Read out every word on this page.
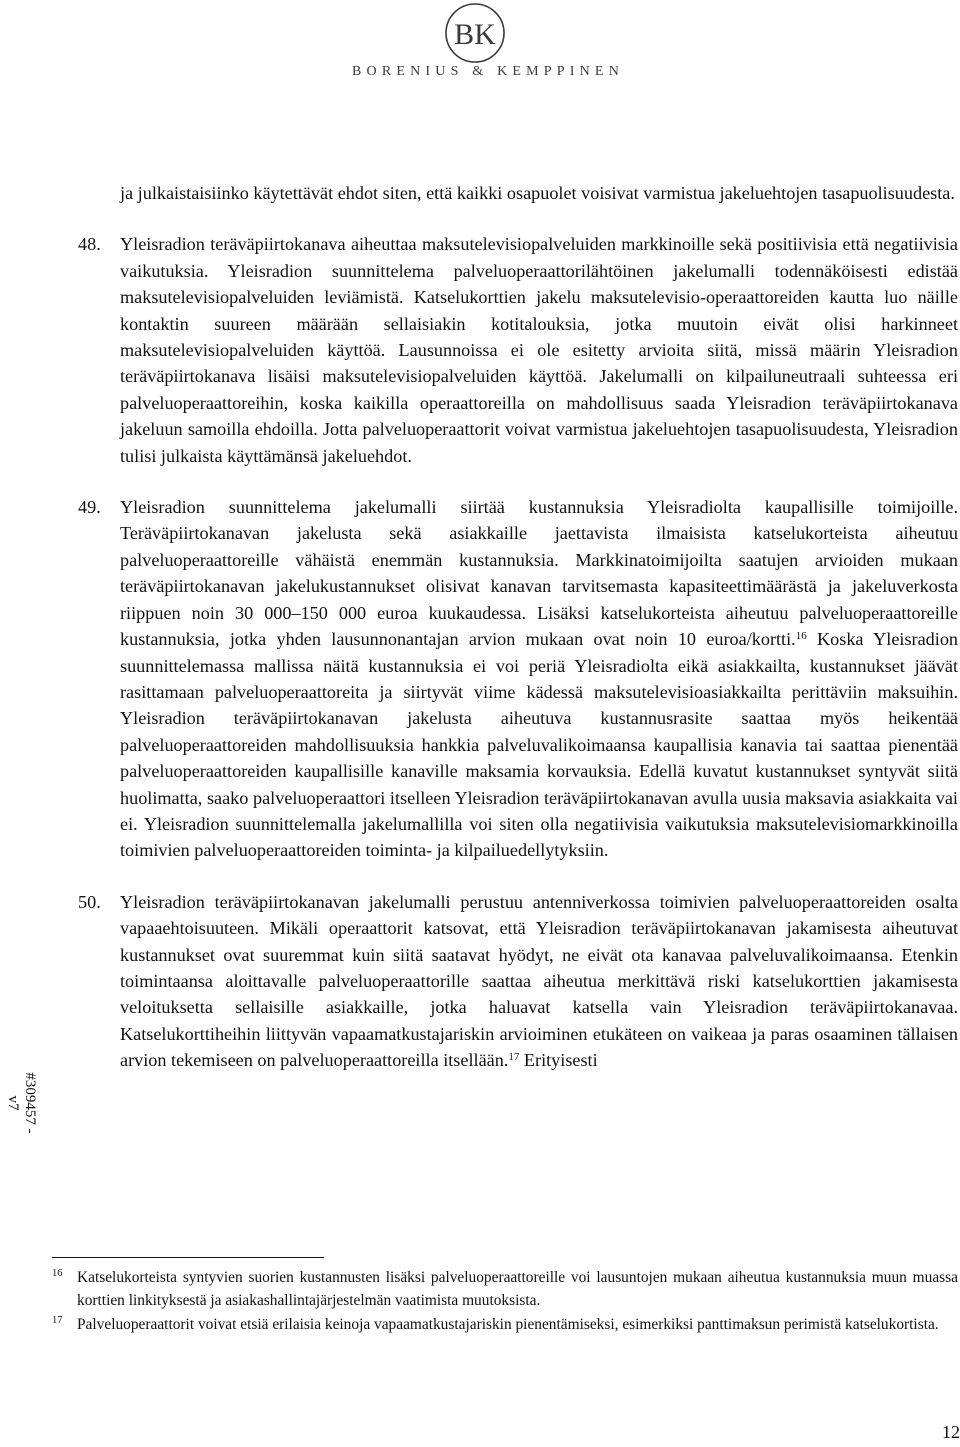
BK
BORENIUS & KEMPPINEN

ja julkaistaisiinko käytettävät ehdot siten, että kaikki osapuolet voisivat varmistua jakeluehtojen tasapuolisuudesta.

48. Yleisradion teräväpiirtokanava aiheuttaa maksutelevisiopalveluiden markkinoille sekä positiivisia että negatiivisia vaikutuksia. Yleisradion suunnittelema palveluoperaattorilähtöinen jakelumalli todennäköisesti edistää maksutelevisiopalveluiden leviämistä. Katselukorttien jakelu maksutelevisio-operaattoreiden kautta luo näille kontaktin suureen määrään sellaisiakin kotitalouksia, jotka muutoin eivät olisi harkinneet maksutelevisiopalveluiden käyttöä. Lausunnoissa ei ole esitetty arvioita siitä, missä määrin Yleisradion teräväpiirtokanava lisäisi maksutelevisiopalveluiden käyttöä. Jakelumalli on kilpailuneutraali suhteessa eri palveluoperaattoreihin, koska kaikilla operaattoreilla on mahdollisuus saada Yleisradion teräväpiirtokanava jakeluun samoilla ehdoilla. Jotta palveluoperaattorit voivat varmistua jakeluehtojen tasapuolisuudesta, Yleisradion tulisi julkaista käyttämänsä jakeluehdot.

49. Yleisradion suunnittelema jakelumalli siirtää kustannuksia Yleisradiolta kaupallisille toimijoille. Teräväpiirtokanavan jakelusta sekä asiakkaille jaettavista ilmaisista katselukorteista aiheutuu palveluoperaattoreille vähäistä enemmän kustannuksia. Markkinatoimijoilta saatujen arvioiden mukaan teräväpiirtokanavan jakelukustannukset olisivat kanavan tarvitsemasta kapasiteettimäärästä ja jakeluverkosta riippuen noin 30 000–150 000 euroa kuukaudessa. Lisäksi katselukorteista aiheutuu palveluoperaattoreille kustannuksia, jotka yhden lausunnonantajan arvion mukaan ovat noin 10 euroa/kortti.$^{16}$ Koska Yleisradion suunnittelemassa mallissa näitä kustannuksia ei voi periä Yleisradiolta eikä asiakkailta, kustannukset jäävät rasittamaan palveluoperaattoreita ja siirtyvät viime kädessä maksutelevisioasiakkailta perittäviin maksuihin. Yleisradion teräväpiirtokanavan jakelusta aiheutuva kustannusrasite saattaa myös heikentää palveluoperaattoreiden mahdollisuuksia hankkia palveluvalikoimaansa kaupallisia kanavia tai saattaa pienentää palveluoperaattoreiden kaupallisille kanaville maksamia korvauksia. Edellä kuvatut kustannukset syntyvät siitä huolimatta, saako palveluoperaattori itselleen Yleisradion teräväpiirtokanavan avulla uusia maksavia asiakkaita vai ei. Yleisradion suunnittelemalla jakelumallilla voi siten olla negatiivisia vaikutuksia maksutelevisiomarkkinoilla toimivien palveluoperaattoreiden toiminta- ja kilpailuedellytyksiin.

50. Yleisradion teräväpiirtokanavan jakelumalli perustuu antenniverkossa toimivien palveluoperaattoreiden osalta vapaaehtoisuuteen. Mikäli operaattorit katsovat, että Yleisradion teräväpiirtokanavan jakamisesta aiheutuvat kustannukset ovat suuremmat kuin siitä saatavat hyödyt, ne eivät ota kanavaa palveluvalikoimaansa. Etenkin toimintaansa aloittavalle palveluoperaattorille saattaa aiheutua merkittävä riski katselukorttien jakamisesta veloituksetta sellaisille asiakkaille, jotka haluavat katsella vain Yleisradion teräväpiirtokanavaa. Katselukorttiheihin liittyvän vapaamatkustajariskin arvioiminen etukäteen on vaikeaa ja paras osaaminen tällaisen arvion tekemiseen on palveluoperaattoreilla itsellään.$^{17}$ Erityisesti

16 Katselukorteista syntyvien suorien kustannusten lisäksi palveluoperaattoreille voi lausuntojen mukaan aiheutua kustannuksia muun muassa korttien linkityksestä ja asiakashallintajärjestelmän vaatimista muutoksista.

17 Palveluoperaattorit voivat etsiä erilaisia keinoja vapaamatkustajariskin pienentämiseksi, esimerkiksi panttimaksun perimistä katselukortista.

#309457 - v7
12
